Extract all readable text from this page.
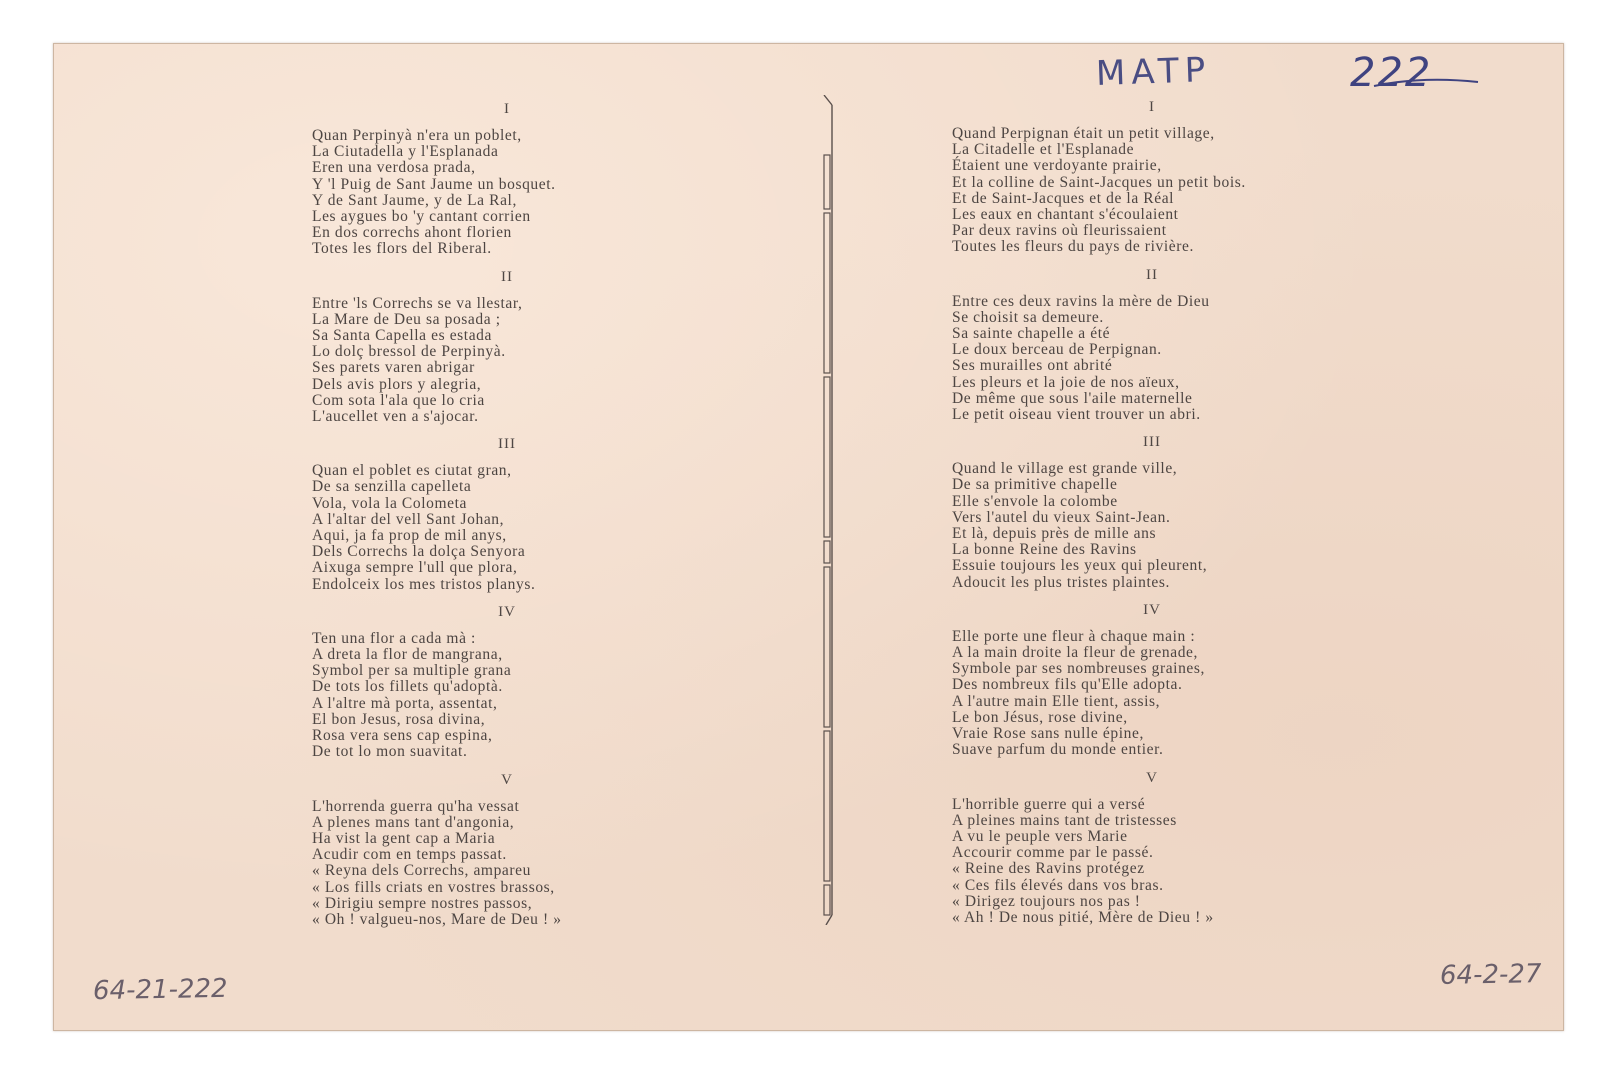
I
Quan Perpinyà n'era un poblet,
La Ciutadella y l'Esplanada
Eren una verdosa prada,
Y 'l Puig de Sant Jaume un bosquet.
Y de Sant Jaume, y de La Ral,
Les aygues bo 'y cantant corrien
En dos correchs ahont florien
Totes les flors del Riberal.
II
Entre 'ls Correchs se va llestar,
La Mare de Deu sa posada ;
Sa Santa Capella es estada
Lo dolç bressol de Perpinyà.
Ses parets varen abrigar
Dels avis plors y alegria,
Com sota l'ala que lo cria
L'aucellet ven a s'ajocar.
III
Quan el poblet es ciutat gran,
De sa senzilla capelleta
Vola, vola la Colometa
A l'altar del vell Sant Johan,
Aqui, ja fa prop de mil anys,
Dels Correchs la dolça Senyora
Aixuga sempre l'ull que plora,
Endolceix los mes tristos planys.
IV
Ten una flor a cada mà :
A dreta la flor de mangrana,
Symbol per sa multiple grana
De tots los fillets qu'adoptà.
A l'altre mà porta, assentat,
El bon Jesus, rosa divina,
Rosa vera sens cap espina,
De tot lo mon suavitat.
V
L'horrenda guerra qu'ha vessat
A plenes mans tant d'angonia,
Ha vist la gent cap a Maria
Acudir com en temps passat.
« Reyna dels Correchs, ampareu
« Los fills criats en vostres brassos,
« Dirigiu sempre nostres passos,
« Oh ! valgueu-nos, Mare de Deu ! »
I
Quand Perpignan était un petit village,
La Citadelle et l'Esplanade
Étaient une verdoyante prairie,
Et la colline de Saint-Jacques un petit bois.
Et de Saint-Jacques et de la Réal
Les eaux en chantant s'écoulaient
Par deux ravins où fleurissaient
Toutes les fleurs du pays de rivière.
II
Entre ces deux ravins la mère de Dieu
Se choisit sa demeure.
Sa sainte chapelle a été
Le doux berceau de Perpignan.
Ses murailles ont abrité
Les pleurs et la joie de nos aïeux,
De même que sous l'aile maternelle
Le petit oiseau vient trouver un abri.
III
Quand le village est grande ville,
De sa primitive chapelle
Elle s'envole la colombe
Vers l'autel du vieux Saint-Jean.
Et là, depuis près de mille ans
La bonne Reine des Ravins
Essuie toujours les yeux qui pleurent,
Adoucit les plus tristes plaintes.
IV
Elle porte une fleur à chaque main :
A la main droite la fleur de grenade,
Symbole par ses nombreuses graines,
Des nombreux fils qu'Elle adopta.
A l'autre main Elle tient, assis,
Le bon Jésus, rose divine,
Vraie Rose sans nulle épine,
Suave parfum du monde entier.
V
L'horrible guerre qui a versé
A pleines mains tant de tristesses
A vu le peuple vers Marie
Accourir comme par le passé.
« Reine des Ravins protégez
« Ces fils élevés dans vos bras.
« Dirigez toujours nos pas !
« Ah ! De nous pitié, Mère de Dieu ! »
MATP	222
64-21-222	64-2-27
